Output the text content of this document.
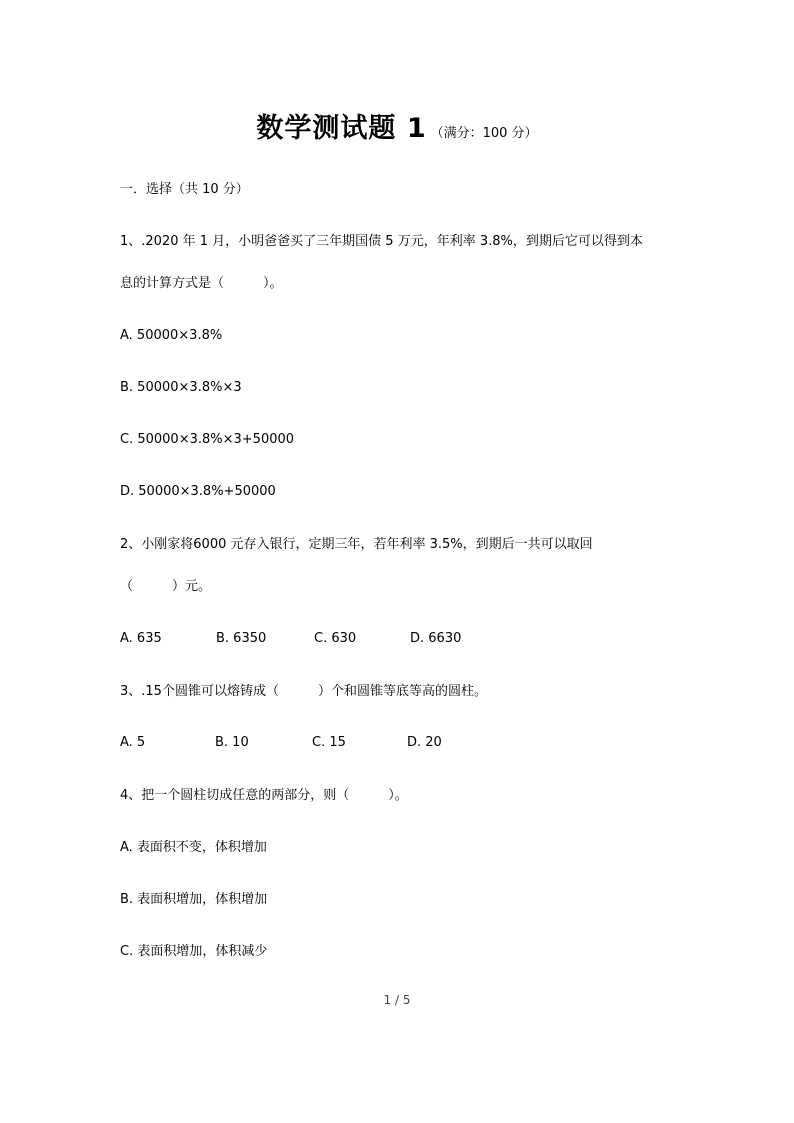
数学测试题 1 （满分：100 分）
一．选择（共 10 分）
1、.2020 年 1 月，小明爸爸买了三年期国债 5 万元，年利率 3.8%，到期后它可以得到本
息的计算方式是（　　　）。
A. 50000×3.8%
B. 50000×3.8%×3
C. 50000×3.8%×3+50000
D. 50000×3.8%+50000
2、小刚家将6000 元存入银行，定期三年，若年利率 3.5%，到期后一共可以取回
（　　　）元。
A. 635	B. 6350	C. 630	D. 6630
3、.15个圆锥可以熔铸成（　　　）个和圆锥等底等高的圆柱。
A. 5	B. 10	C. 15	D. 20
4、把一个圆柱切成任意的两部分，则（　　　）。
A. 表面积不变，体积增加
B. 表面积增加，体积增加
C. 表面积增加，体积减少
1 / 5
